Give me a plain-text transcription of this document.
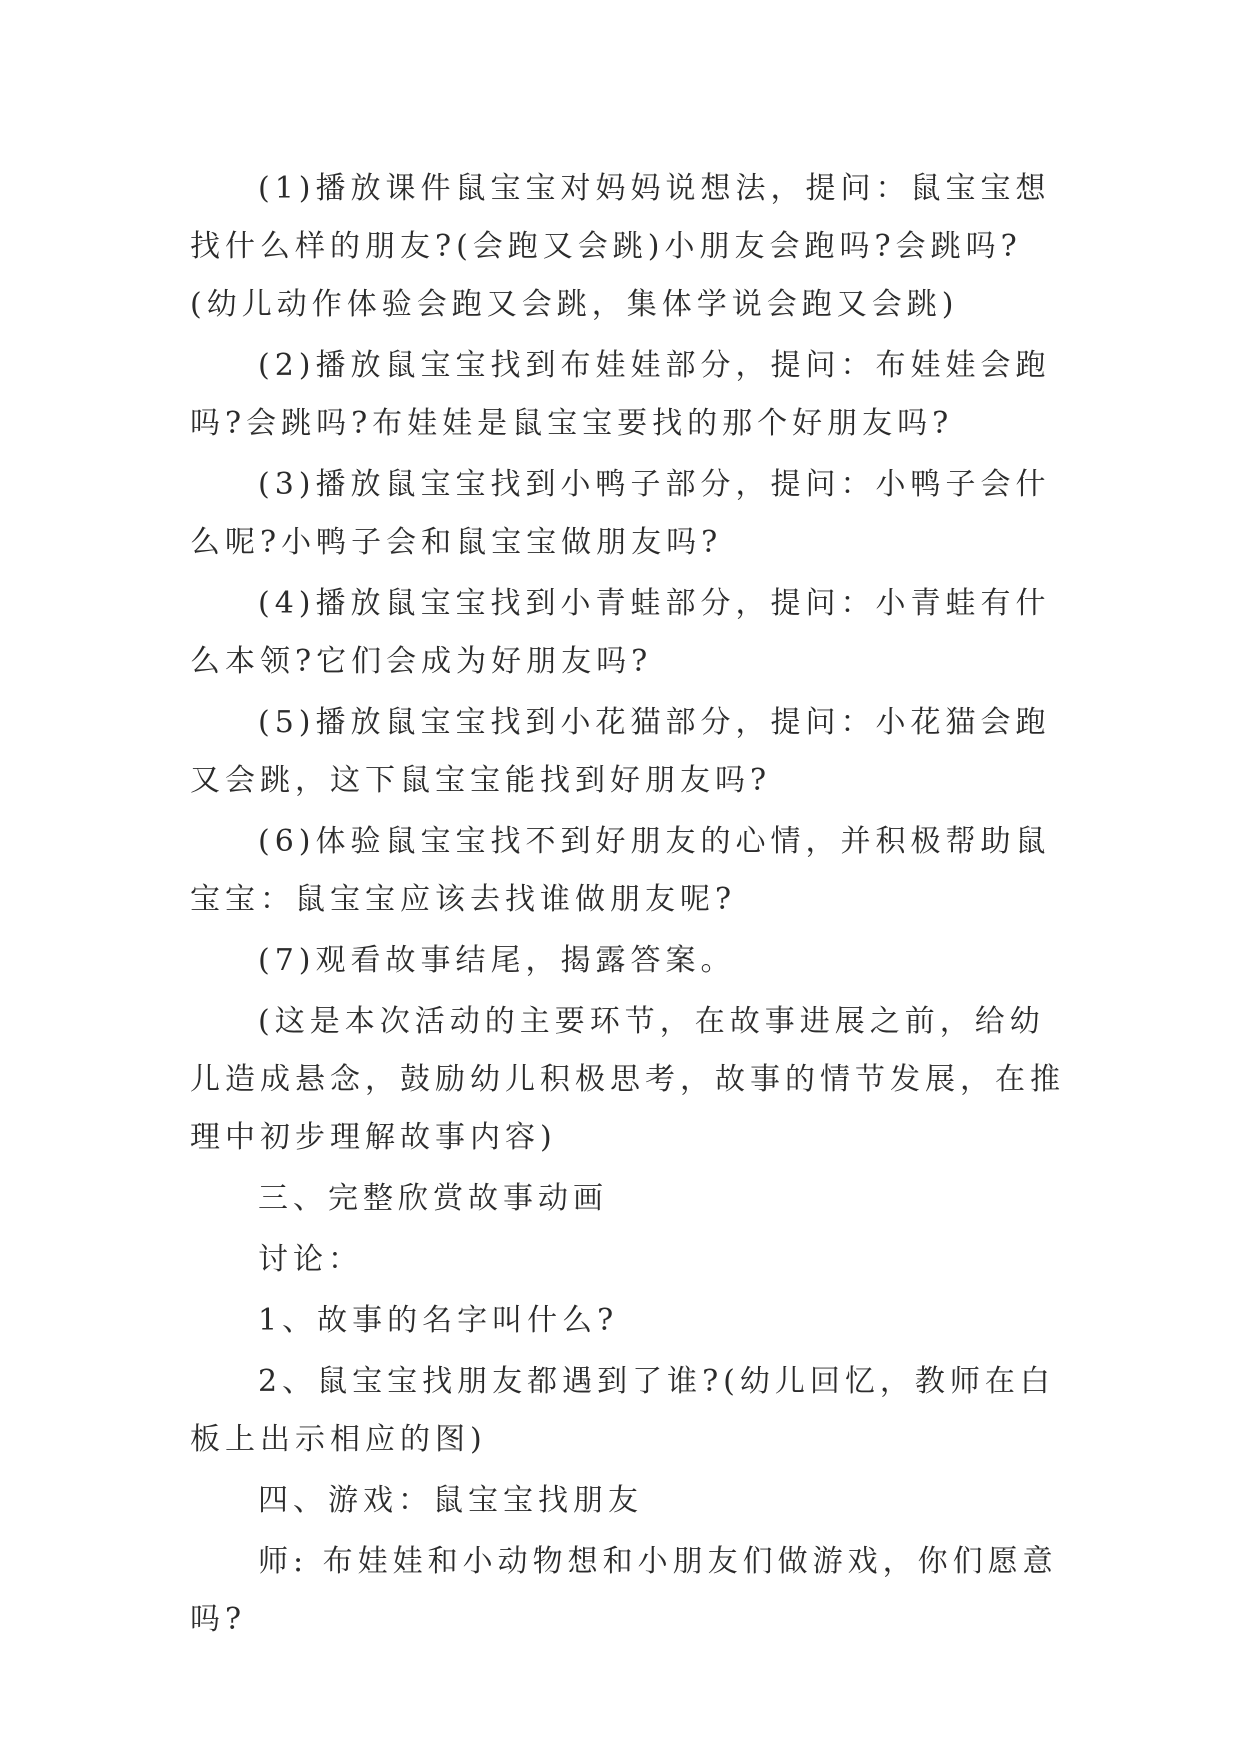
(1)播放课件鼠宝宝对妈妈说想法，提问：鼠宝宝想找什么样的朋友?(会跑又会跳)小朋友会跑吗?会跳吗?(幼儿动作体验会跑又会跳，集体学说会跑又会跳)

(2)播放鼠宝宝找到布娃娃部分，提问：布娃娃会跑吗?会跳吗?布娃娃是鼠宝宝要找的那个好朋友吗?

(3)播放鼠宝宝找到小鸭子部分，提问：小鸭子会什么呢?小鸭子会和鼠宝宝做朋友吗?

(4)播放鼠宝宝找到小青蛙部分，提问：小青蛙有什么本领?它们会成为好朋友吗?

(5)播放鼠宝宝找到小花猫部分，提问：小花猫会跑又会跳，这下鼠宝宝能找到好朋友吗?

(6)体验鼠宝宝找不到好朋友的心情，并积极帮助鼠宝宝：鼠宝宝应该去找谁做朋友呢?

(7)观看故事结尾，揭露答案。

(这是本次活动的主要环节，在故事进展之前，给幼儿造成悬念，鼓励幼儿积极思考，故事的情节发展，在推理中初步理解故事内容)

三、完整欣赏故事动画

讨论：

1、故事的名字叫什么?

2、鼠宝宝找朋友都遇到了谁?(幼儿回忆，教师在白板上出示相应的图)

四、游戏：鼠宝宝找朋友

师: 布娃娃和小动物想和小朋友们做游戏，你们愿意吗?
